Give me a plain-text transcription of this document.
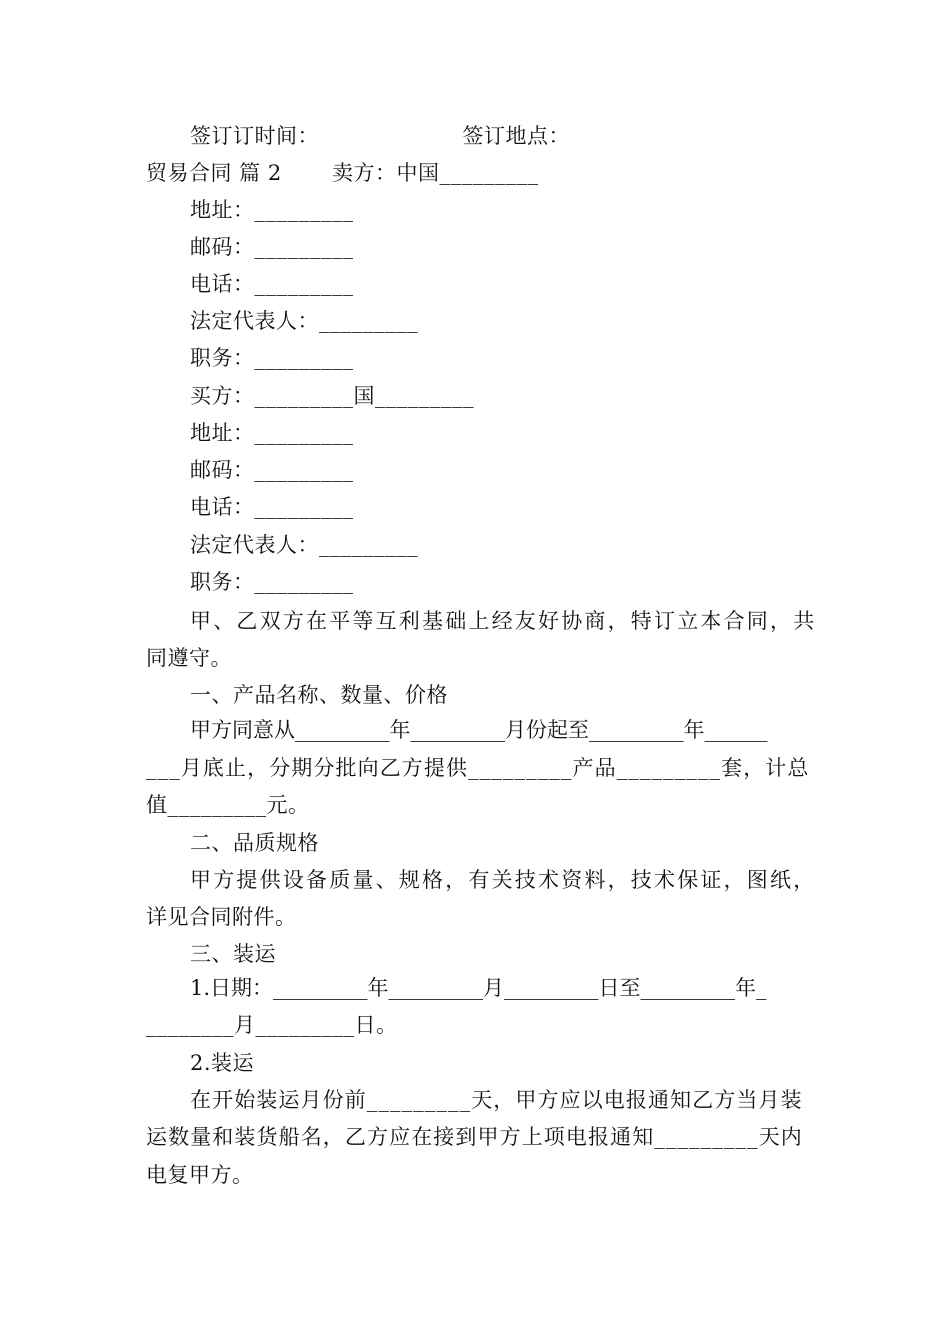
签订订时间：                    签订地点：
贸易合同 篇 2       卖方：中国_________
地址：_________
邮码：_________
电话：_________
法定代表人：_________
职务：_________
买方：_________国_________
地址：_________
邮码：_________
电话：_________
法定代表人：_________
职务：_________
甲、乙双方在平等互利基础上经友好协商，特订立本合同，共
同遵守。
一、产品名称、数量、价格
甲方同意从_________年_________月份起至_________年______
___月底止，分期分批向乙方提供_________产品_________套，计总
值_________元。
二、品质规格
甲方提供设备质量、规格，有关技术资料，技术保证，图纸，
详见合同附件。
三、装运
1.日期：_________年_________月_________日至_________年_
________月_________日。
2.装运
在开始装运月份前_________天，甲方应以电报通知乙方当月装
运数量和装货船名，乙方应在接到甲方上项电报通知_________天内
电复甲方。
